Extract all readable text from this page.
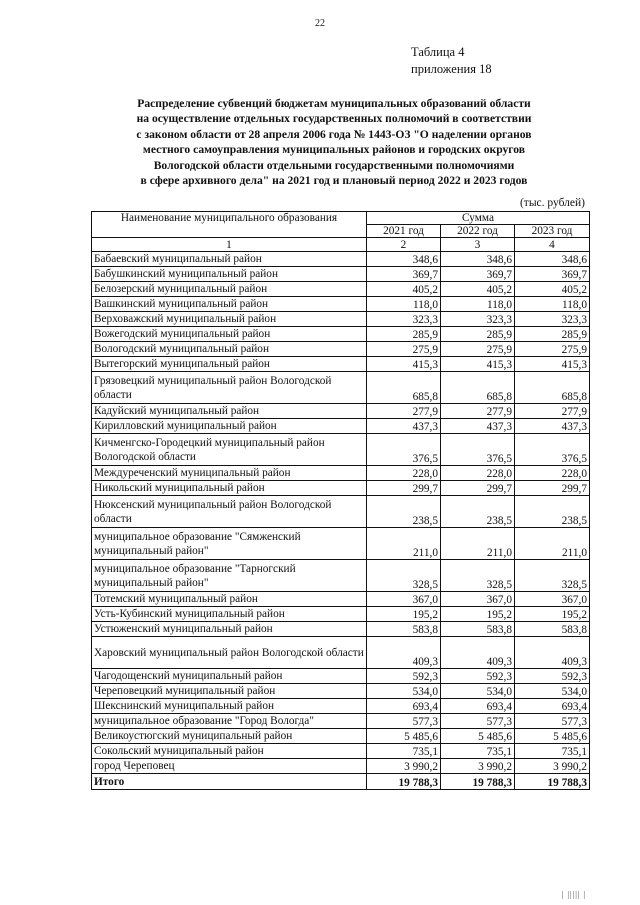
22
Таблица 4
приложения 18
Распределение субвенций бюджетам муниципальных образований области
на осуществление отдельных государственных полномочий в соответствии
с законом области от 28 апреля 2006 года № 1443-ОЗ "О наделении органов
местного самоуправления муниципальных районов и городских округов
Вологодской области отдельными государственными полномочиями
в сфере архивного дела" на 2021 год и плановый период 2022 и 2023 годов
(тыс. рублей)
Наименование муниципального образования	Сумма		
	2021 год	2022 год	2023 год
1	2	3	4
Бабаевский муниципальный район	348,6	348,6	348,6
Бабушкинский муниципальный район	369,7	369,7	369,7
Белозерский муниципальный район	405,2	405,2	405,2
Вашкинский муниципальный район	118,0	118,0	118,0
Верховажский муниципальный район	323,3	323,3	323,3
Вожегодский муниципальный район	285,9	285,9	285,9
Вологодский муниципальный район	275,9	275,9	275,9
Вытегорский муниципальный район	415,3	415,3	415,3
Грязовецкий муниципальный район Вологодской области	685,8	685,8	685,8
Кадуйский муниципальный район	277,9	277,9	277,9
Кирилловский муниципальный район	437,3	437,3	437,3
Кичменгско-Городецкий муниципальный район Вологодской области	376,5	376,5	376,5
Междуреченский муниципальный район	228,0	228,0	228,0
Никольский муниципальный район	299,7	299,7	299,7
Нюксенский муниципальный район Вологодской области	238,5	238,5	238,5
муниципальное образование "Сямженский муниципальный район"	211,0	211,0	211,0
муниципальное образование "Тарногский муниципальный район"	328,5	328,5	328,5
Тотемский муниципальный район	367,0	367,0	367,0
Усть-Кубинский муниципальный район	195,2	195,2	195,2
Устюженский муниципальный район	583,8	583,8	583,8
Харовский муниципальный район Вологодской области	409,3	409,3	409,3
Чагодощенский муниципальный район	592,3	592,3	592,3
Череповецкий муниципальный район	534,0	534,0	534,0
Шекснинский муниципальный район	693,4	693,4	693,4
муниципальное образование "Город Вологда"	577,3	577,3	577,3
Великоустюгский муниципальный район	5 485,6	5 485,6	5 485,6
Сокольский муниципальный район	735,1	735,1	735,1
город Череповец	3 990,2	3 990,2	3 990,2
Итого	19 788,3	19 788,3	19 788,3
| ||||| |
